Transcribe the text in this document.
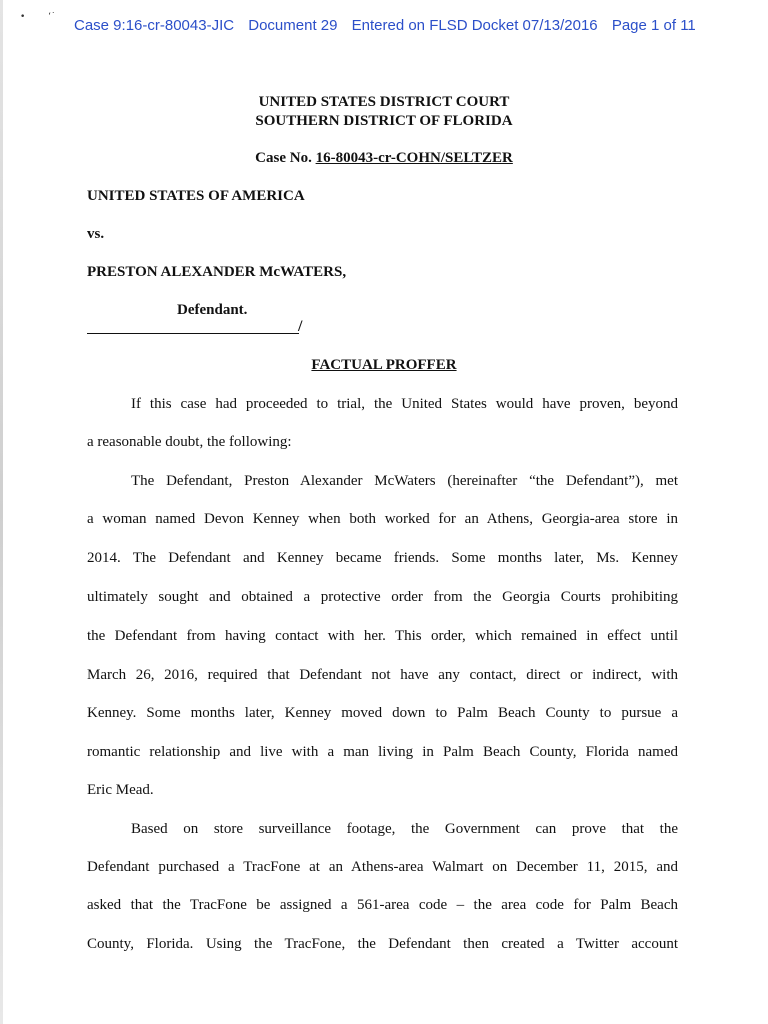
•        ʻ˙ Case 9:16-cr-80043-JIC Document 29 Entered on FLSD Docket 07/13/2016 Page 1 of 11
UNITED STATES DISTRICT COURT
SOUTHERN DISTRICT OF FLORIDA
Case No. 16-80043-cr-COHN/SELTZER
UNITED STATES OF AMERICA
vs.
PRESTON ALEXANDER McWATERS,
Defendant.
/
FACTUAL PROFFER
If this case had proceeded to trial, the United States would have proven, beyond
a reasonable doubt, the following:
The Defendant, Preston Alexander McWaters (hereinafter “the Defendant”), met
a woman named Devon Kenney when both worked for an Athens, Georgia-area store in
2014. The Defendant and Kenney became friends. Some months later, Ms. Kenney
ultimately sought and obtained a protective order from the Georgia Courts prohibiting
the Defendant from having contact with her. This order, which remained in effect until
March 26, 2016, required that Defendant not have any contact, direct or indirect, with
Kenney. Some months later, Kenney moved down to Palm Beach County to pursue a
romantic relationship and live with a man living in Palm Beach County, Florida named
Eric Mead.
Based on store surveillance footage, the Government can prove that the
Defendant purchased a TracFone at an Athens-area Walmart on December 11, 2015, and
asked that the TracFone be assigned a 561-area code – the area code for Palm Beach
County, Florida. Using the TracFone, the Defendant then created a Twitter account
